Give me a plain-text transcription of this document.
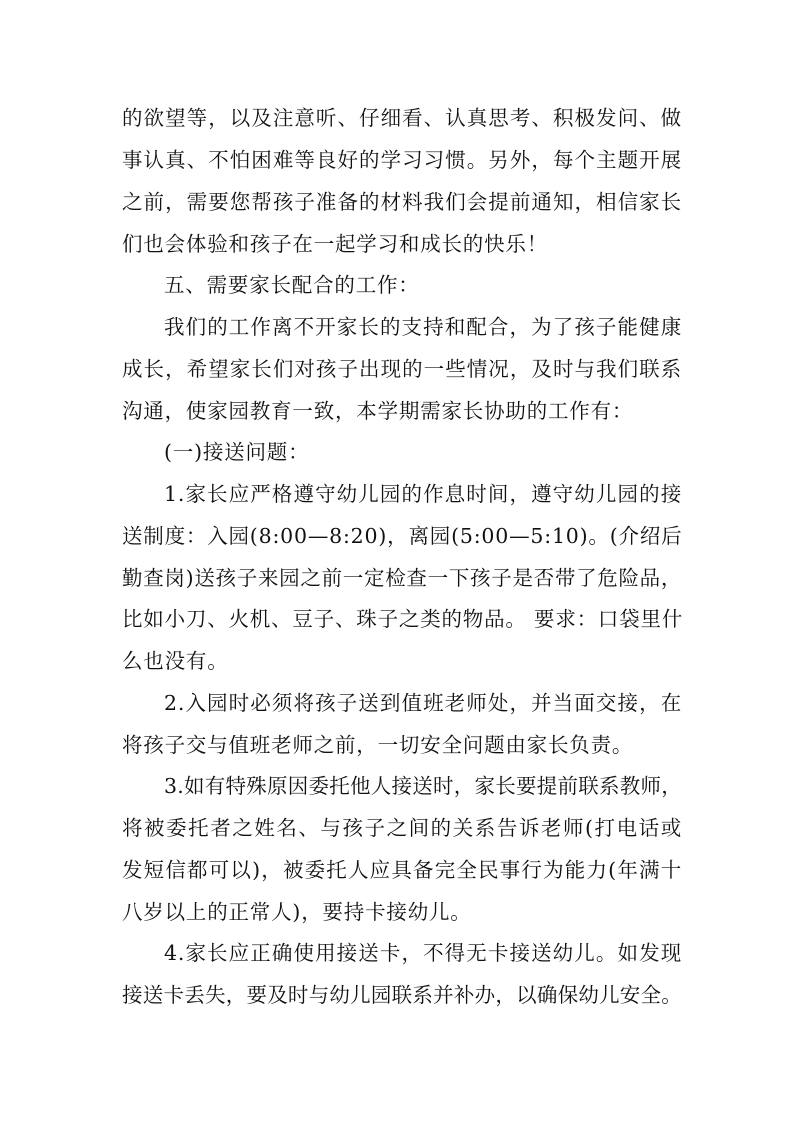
的欲望等，以及注意听、仔细看、认真思考、积极发问、做
事认真、不怕困难等良好的学习习惯。另外，每个主题开展
之前，需要您帮孩子准备的材料我们会提前通知，相信家长
们也会体验和孩子在一起学习和成长的快乐！
五、需要家长配合的工作：
我们的工作离不开家长的支持和配合，为了孩子能健康
成长，希望家长们对孩子出现的一些情况，及时与我们联系
沟通，使家园教育一致，本学期需家长协助的工作有：
(一)接送问题：
1.家长应严格遵守幼儿园的作息时间，遵守幼儿园的接
送制度：入园(8:00—8:20)，离园(5:00—5:10)。(介绍后
勤查岗)送孩子来园之前一定检查一下孩子是否带了危险品，
比如小刀、火机、豆子、珠子之类的物品。 要求：口袋里什
么也没有。
2.入园时必须将孩子送到值班老师处，并当面交接，在
将孩子交与值班老师之前，一切安全问题由家长负责。
3.如有特殊原因委托他人接送时，家长要提前联系教师，
将被委托者之姓名、与孩子之间的关系告诉老师(打电话或
发短信都可以)，被委托人应具备完全民事行为能力(年满十
八岁以上的正常人)，要持卡接幼儿。
4.家长应正确使用接送卡，不得无卡接送幼儿。如发现
接送卡丢失，要及时与幼儿园联系并补办，以确保幼儿安全。
